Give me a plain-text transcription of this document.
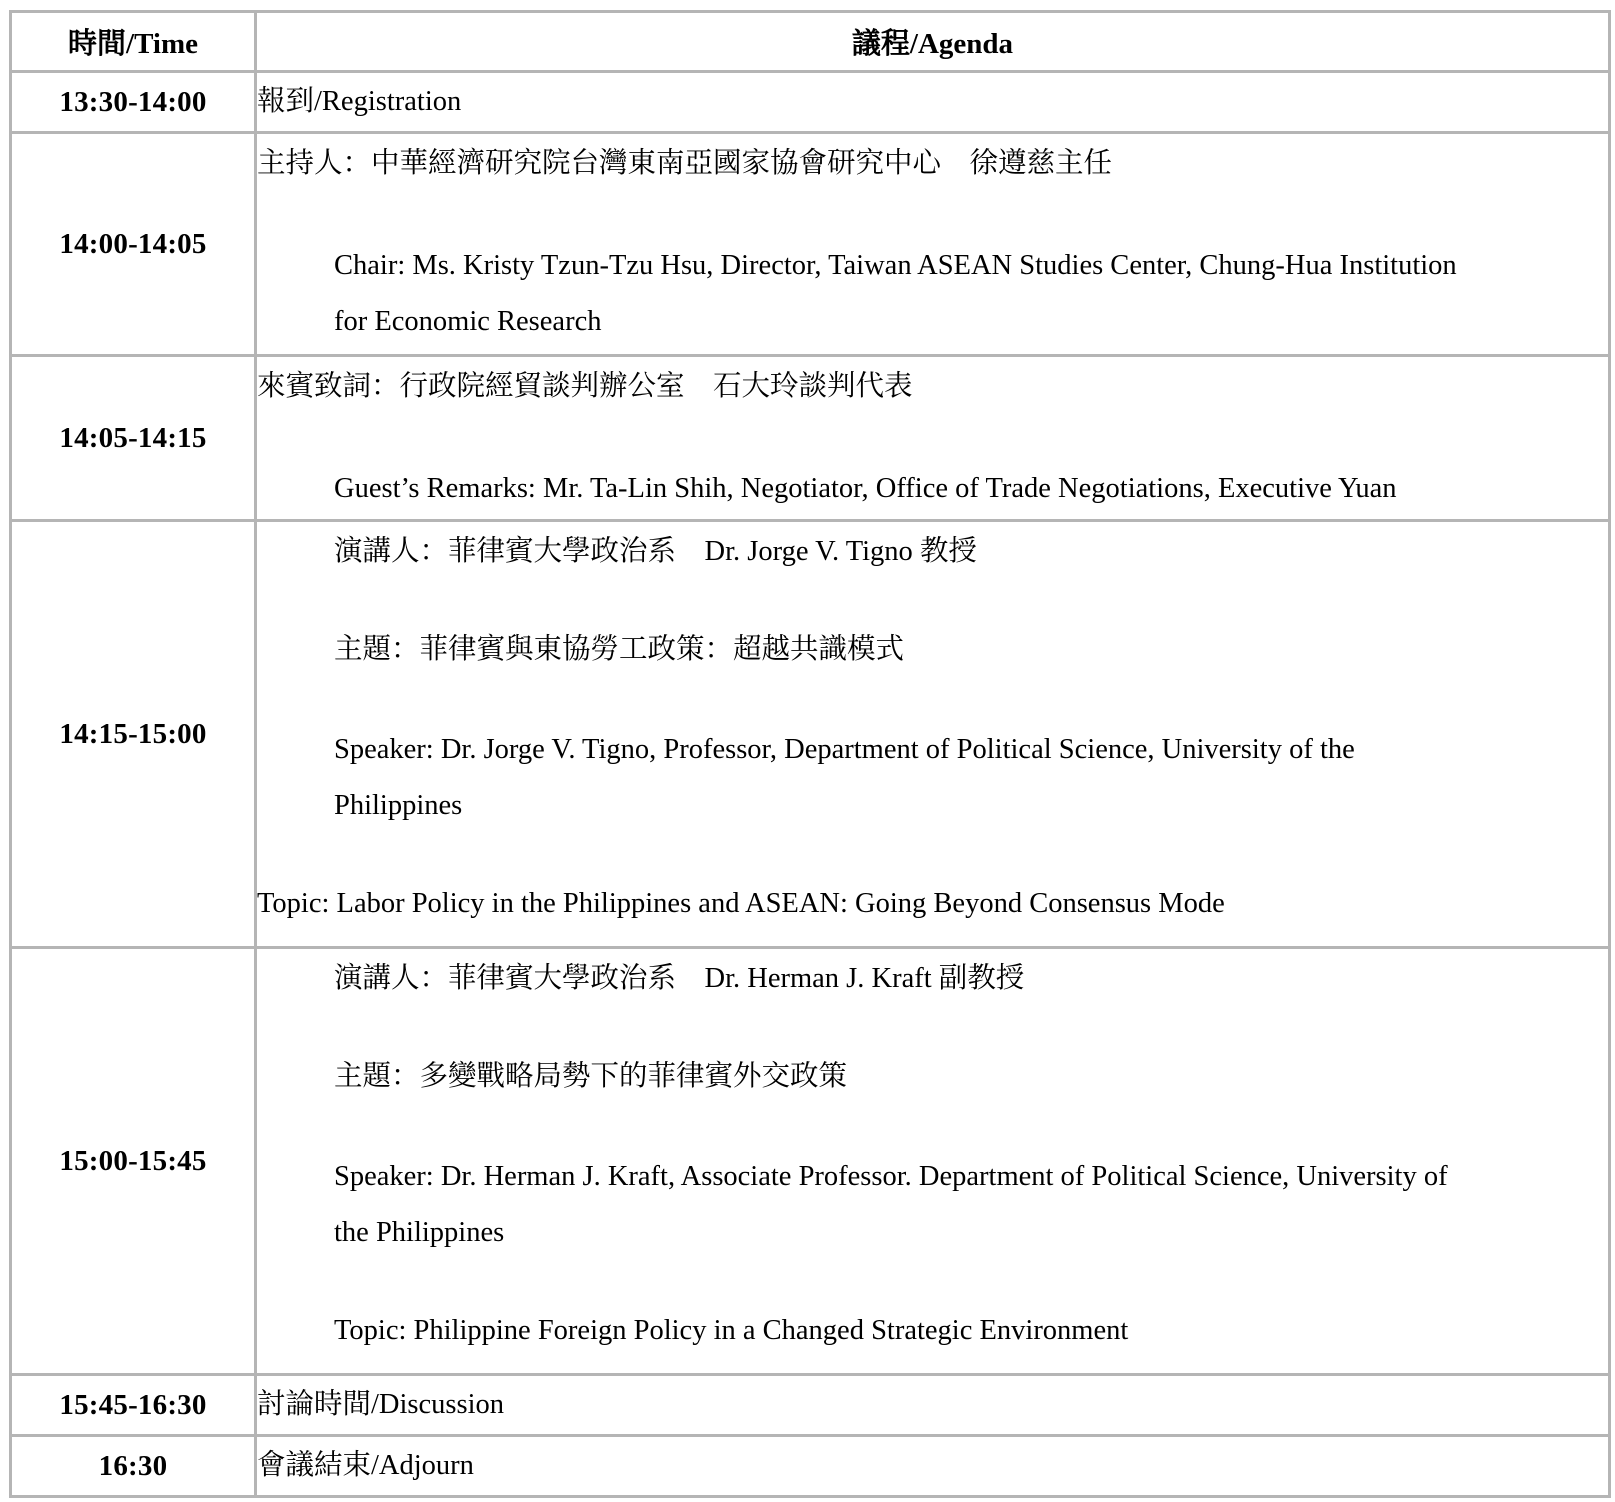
時間/Time	議程/Agenda
13:30-14:00	報到/Registration

14:00-14:05	主持人：中華經濟研究院台灣東南亞國家協會研究中心　徐遵慈主任
Chair: Ms. Kristy Tzun-Tzu Hsu, Director, Taiwan ASEAN Studies Center, Chung-Hua Institution
for Economic Research

14:05-14:15	來賓致詞：行政院經貿談判辦公室　石大玲談判代表
Guest’s Remarks: Mr. Ta-Lin Shih, Negotiator, Office of Trade Negotiations, Executive Yuan

14:15-15:00	演講人：菲律賓大學政治系　Dr. Jorge V. Tigno 教授
主題：菲律賓與東協勞工政策：超越共識模式
Speaker: Dr. Jorge V. Tigno, Professor, Department of Political Science, University of the
Philippines
Topic: Labor Policy in the Philippines and ASEAN: Going Beyond Consensus Mode

15:00-15:45	演講人：菲律賓大學政治系　Dr. Herman J. Kraft 副教授
主題：多變戰略局勢下的菲律賓外交政策
Speaker: Dr. Herman J. Kraft, Associate Professor. Department of Political Science, University of
the Philippines
Topic: Philippine Foreign Policy in a Changed Strategic Environment

15:45-16:30	討論時間/Discussion

16:30	會議結束/Adjourn
